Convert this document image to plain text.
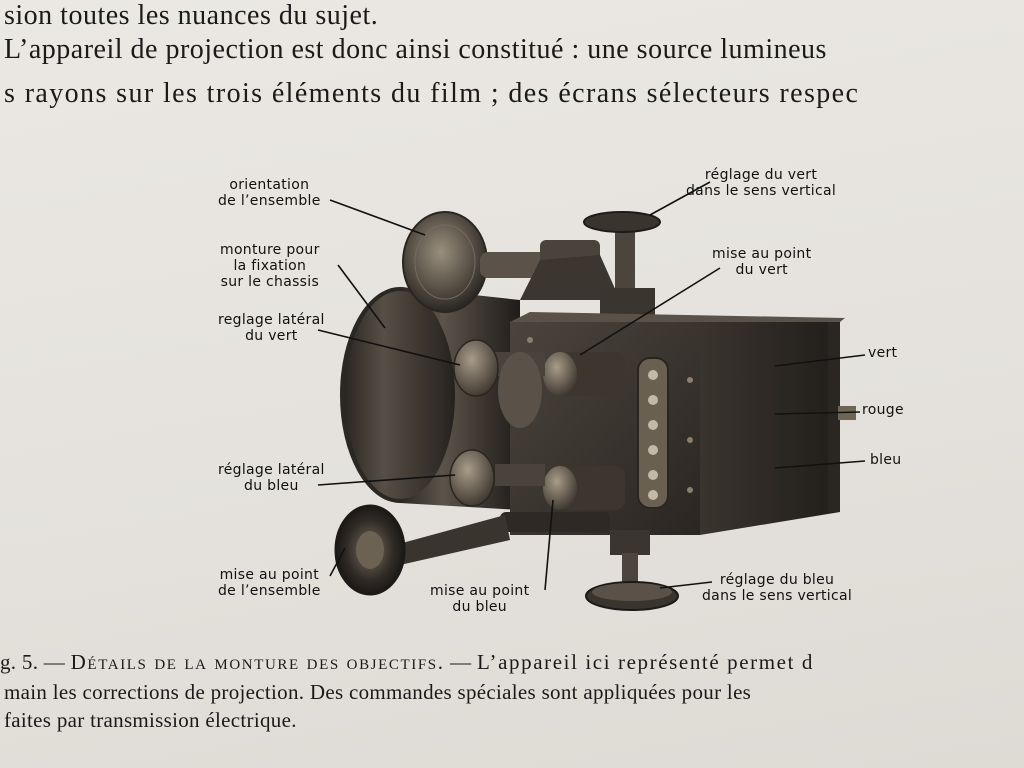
sion toutes les nuances du sujet.
L’appareil de projection est donc ainsi constitué : une source lumineus
s rayons sur les trois éléments du film ; des écrans sélecteurs respec
orientation
de l’ensemble
monture pour
la fixation
sur le chassis
reglage latéral
du vert
réglage latéral
du bleu
mise au point
de l’ensemble	mise au point
du bleu
réglage du vert
dans le sens vertical
mise au point
du vert
vert
rouge
bleu
réglage du bleu
dans le sens vertical
g. 5. — Détails de la monture des objectifs. — L’appareil ici représenté permet d
main les corrections de projection. Des commandes spéciales sont appliquées pour les
faites par transmission électrique.
